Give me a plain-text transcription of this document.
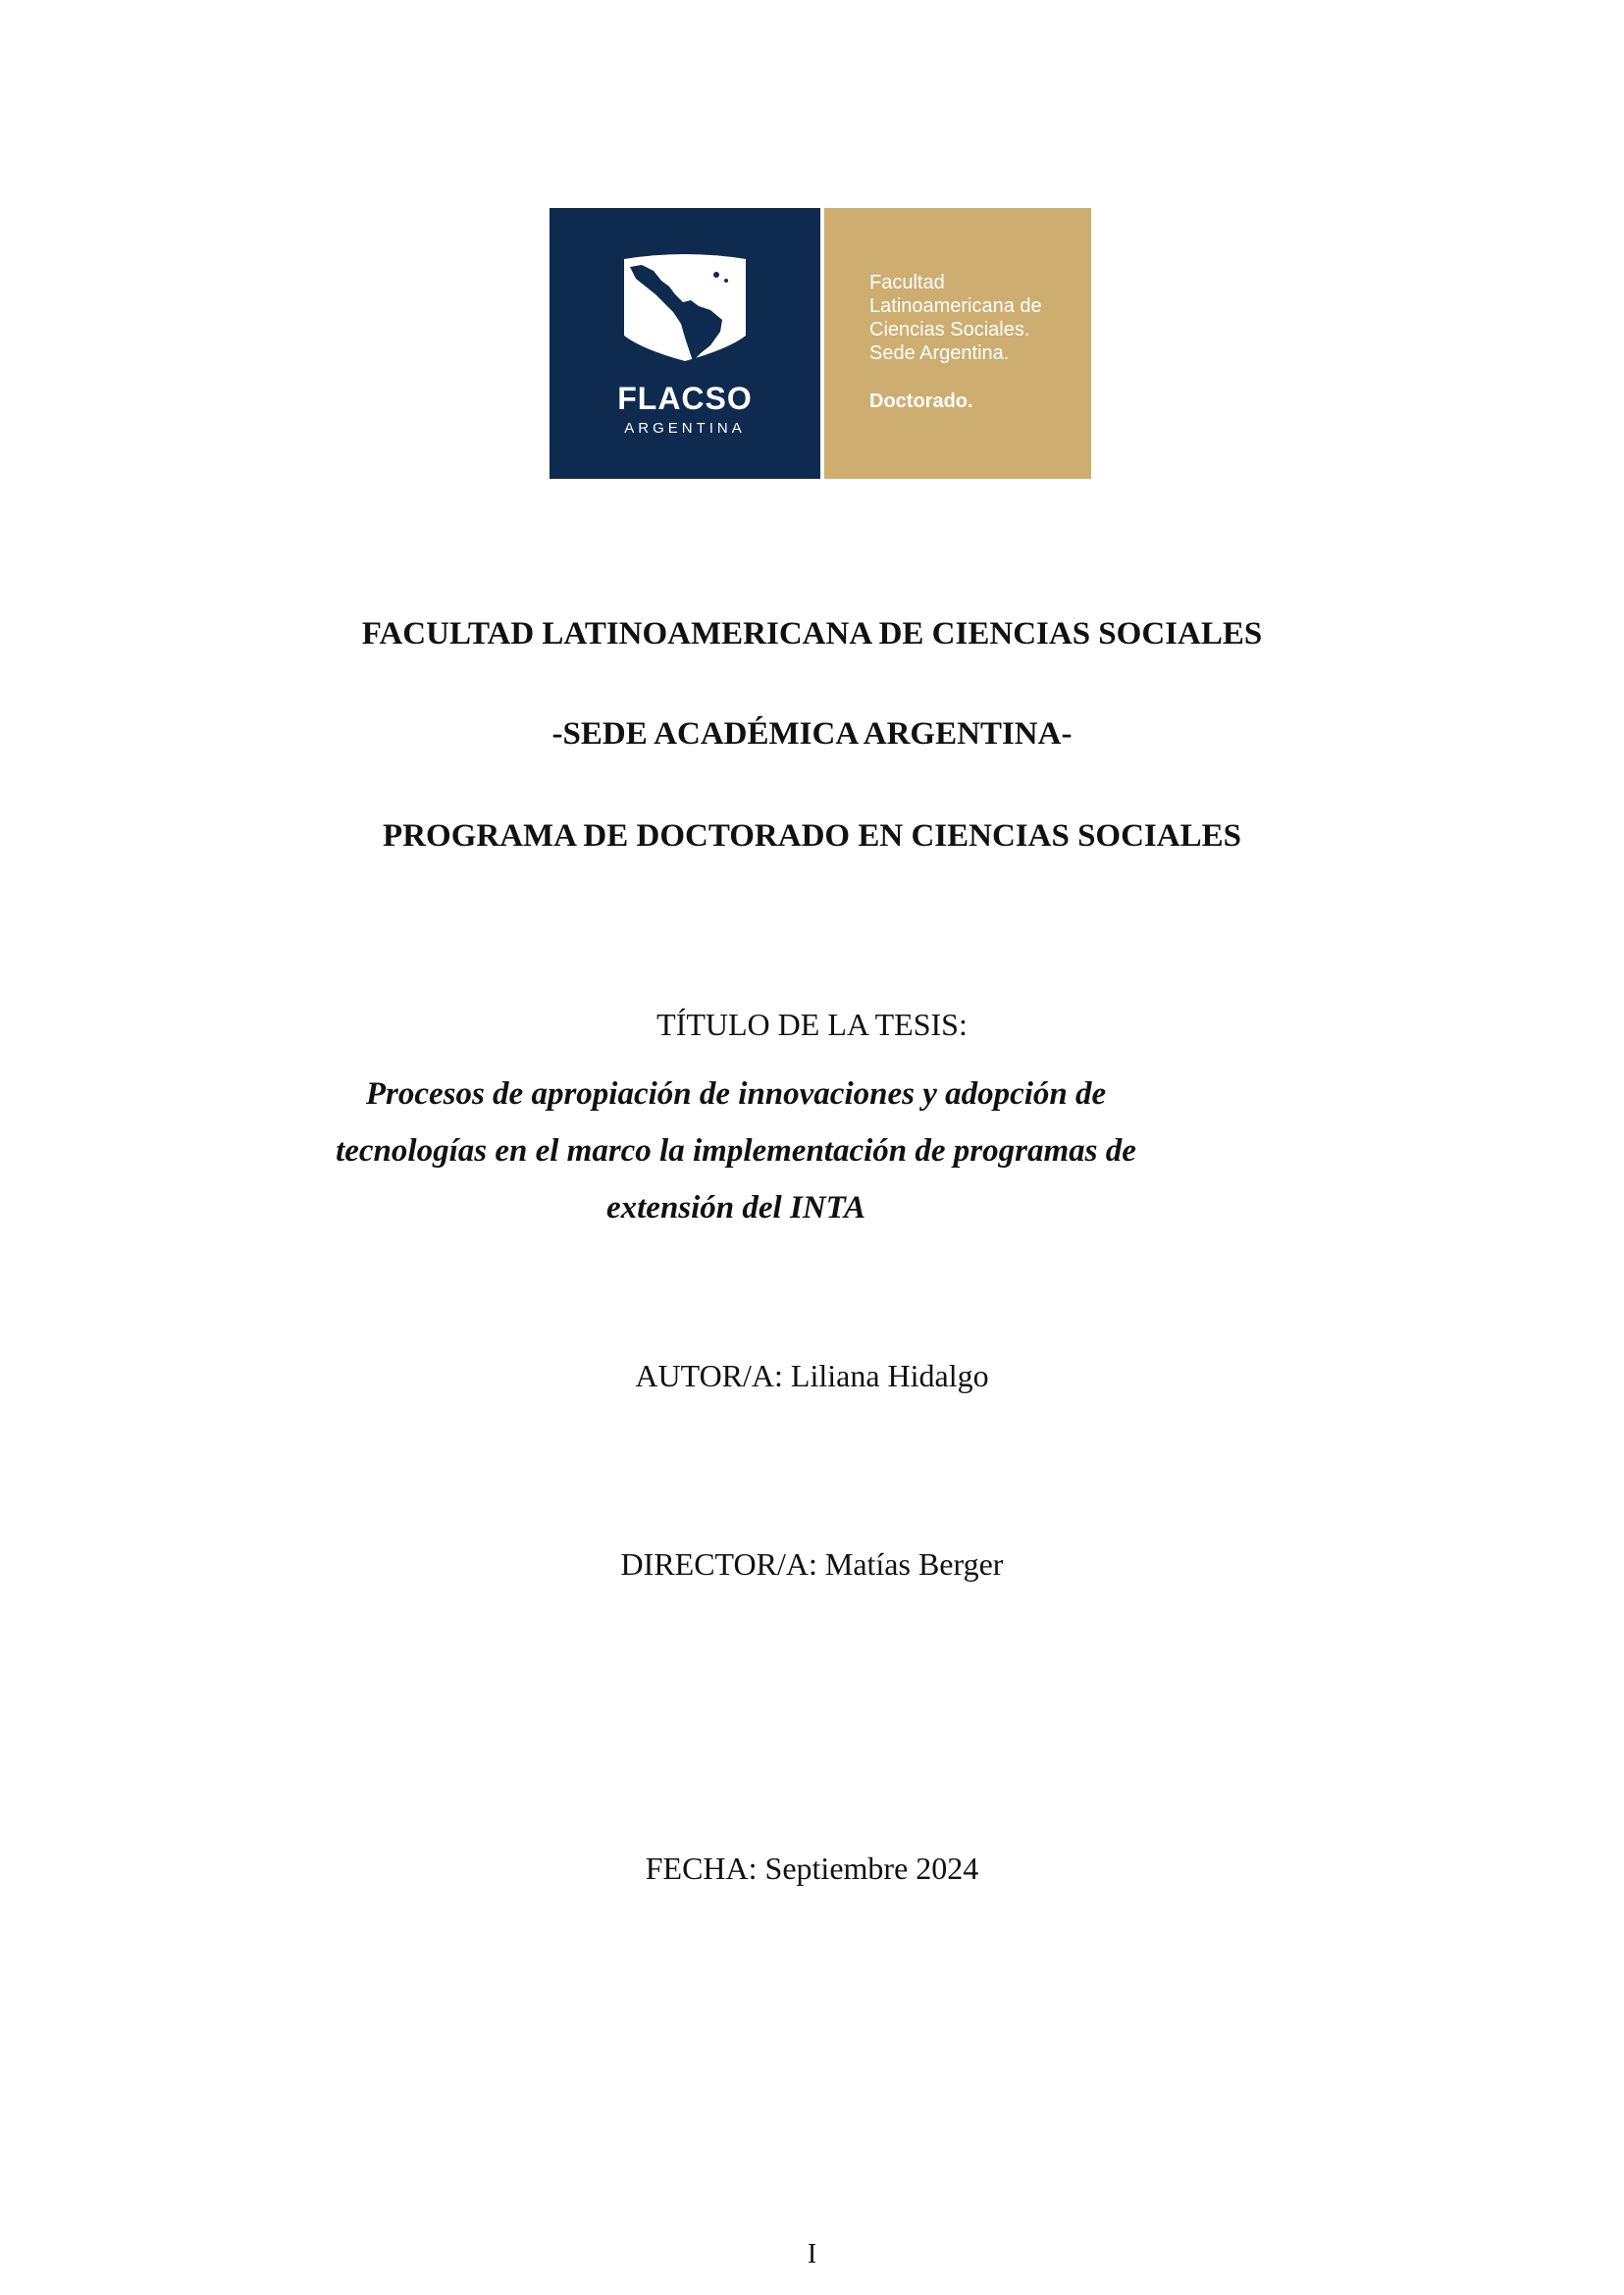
FLACSO
ARGENTINA
Facultad
Latinoamericana de
Ciencias Sociales.
Sede Argentina.
Doctorado.
FACULTAD LATINOAMERICANA DE CIENCIAS SOCIALES
-SEDE ACADÉMICA ARGENTINA-
PROGRAMA DE DOCTORADO EN CIENCIAS SOCIALES
TÍTULO DE LA TESIS:
Procesos de apropiación de innovaciones y adopción de
tecnologías en el marco la implementación de programas de
extensión del INTA
AUTOR/A: Liliana Hidalgo
DIRECTOR/A: Matías Berger
FECHA: Septiembre 2024
I
